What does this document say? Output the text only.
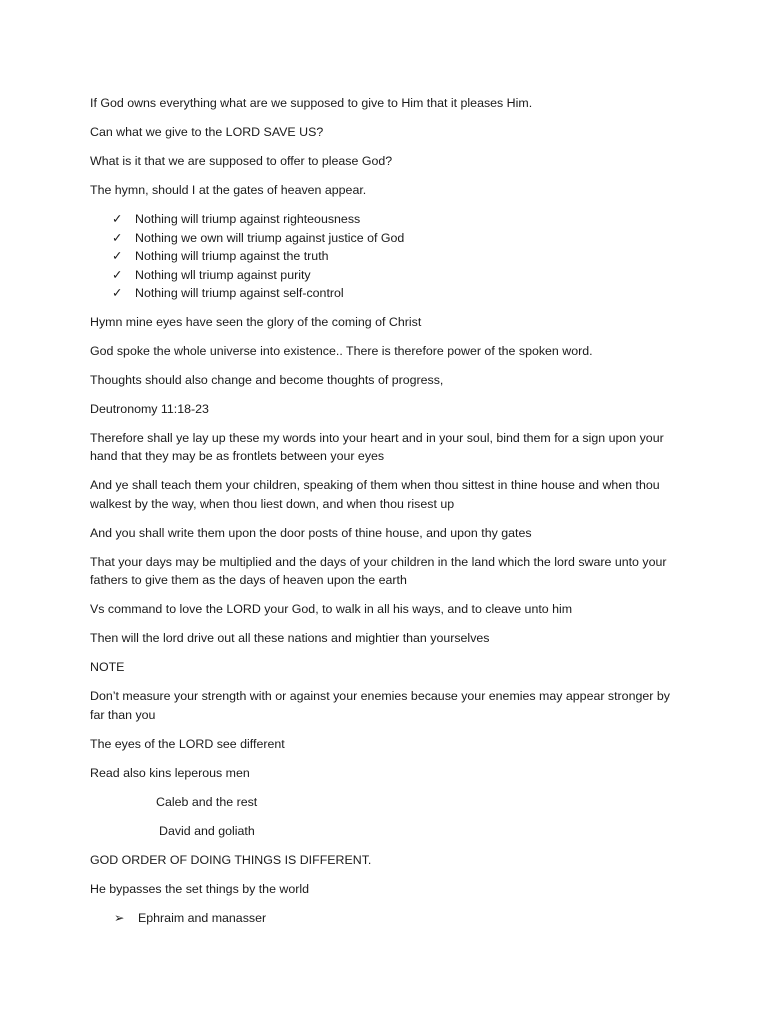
If God owns everything what are we supposed to give to Him that it pleases Him.

Can what we give to the LORD SAVE US?

What is it that we are supposed to offer to please God?

The hymn, should I at the gates of heaven appear.

✓ Nothing will triump against righteousness
✓ Nothing we own will triump against justice of God
✓ Nothing will triump against the truth
✓ Nothing wll triump against purity
✓ Nothing will triump against self-control

Hymn mine eyes have seen the glory of the coming of Christ

God spoke the whole universe into existence.. There is therefore power of the spoken word.

Thoughts should also change and become thoughts of progress,

Deutronomy 11:18-23

Therefore shall ye lay up these my words into your heart and in your soul, bind them for a sign upon your hand that they may be as frontlets between your eyes

And ye shall teach them your children, speaking of them when thou sittest in thine house and when thou walkest by the way, when thou liest down, and when thou risest up

And you shall write them upon the door posts of thine house, and upon thy gates

That your days may be multiplied and the days of your children in the land which the lord sware unto your fathers to give them as the days of heaven upon the earth

Vs command to love the LORD your God, to walk in all his ways, and to cleave unto him

Then will the lord drive out all these nations and mightier than yourselves

NOTE

Don’t measure your strength with or against your enemies because your enemies may appear stronger by far than you

The eyes of the LORD see different

Read also kins leperous men

Caleb and the rest

David and goliath

GOD ORDER OF DOING THINGS IS DIFFERENT.

He bypasses the set things by the world

➢ Ephraim and manasser
